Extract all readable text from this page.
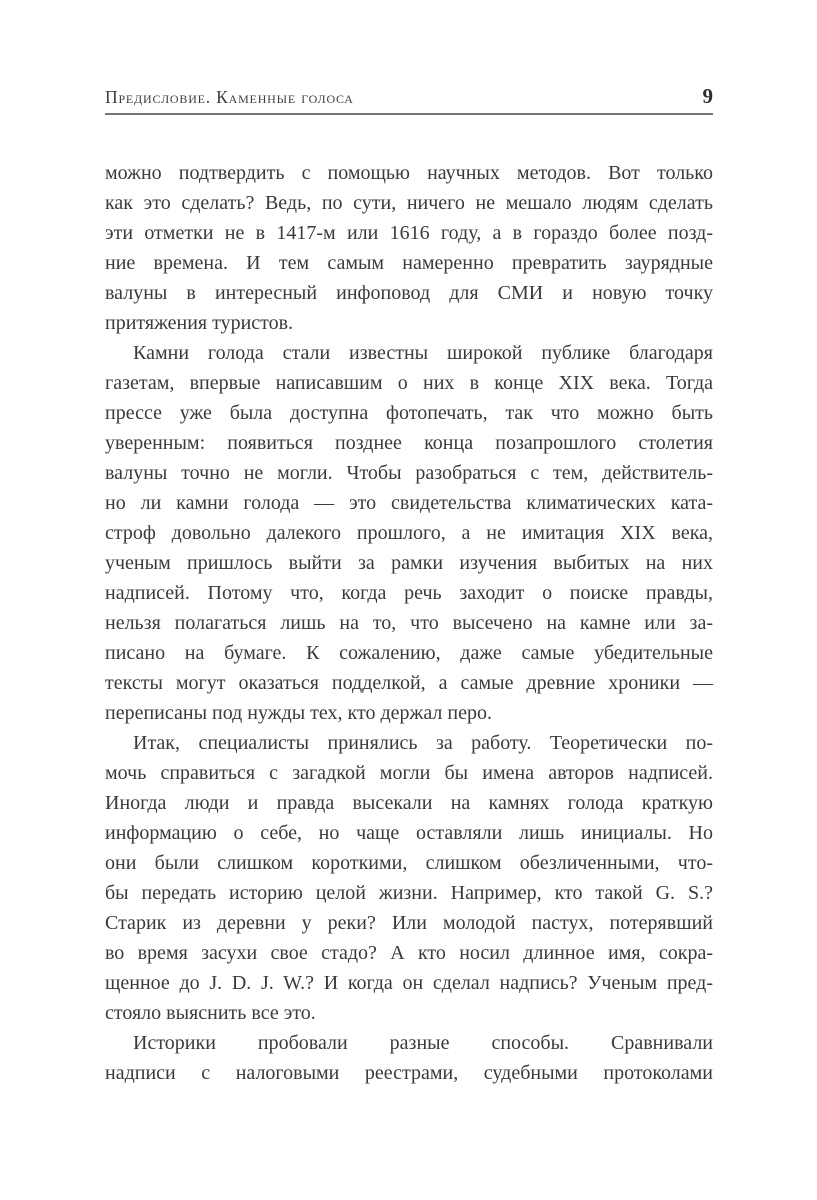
Предисловие. Каменные голоса	9
можно подтвердить с помощью научных методов. Вот только
как это сделать? Ведь, по сути, ничего не мешало людям сделать
эти отметки не в 1417-м или 1616 году, а в гораздо более позд-
ние времена. И тем самым намеренно превратить заурядные
валуны в интересный инфоповод для СМИ и новую точку
притяжения туристов.
Камни голода стали известны широкой публике благодаря
газетам, впервые написавшим о них в конце XIX века. Тогда
прессе уже была доступна фотопечать, так что можно быть
уверенным: появиться позднее конца позапрошлого столетия
валуны точно не могли. Чтобы разобраться с тем, действитель-
но ли камни голода — это свидетельства климатических ката-
строф довольно далекого прошлого, а не имитация XIX века,
ученым пришлось выйти за рамки изучения выбитых на них
надписей. Потому что, когда речь заходит о поиске правды,
нельзя полагаться лишь на то, что высечено на камне или за-
писано на бумаге. К сожалению, даже самые убедительные
тексты могут оказаться подделкой, а самые древние хроники —
переписаны под нужды тех, кто держал перо.
Итак, специалисты принялись за работу. Теоретически по-
мочь справиться с загадкой могли бы имена авторов надписей.
Иногда люди и правда высекали на камнях голода краткую
информацию о себе, но чаще оставляли лишь инициалы. Но
они были слишком короткими, слишком обезличенными, что-
бы передать историю целой жизни. Например, кто такой G. S.?
Старик из деревни у реки? Или молодой пастух, потерявший
во время засухи свое стадо? А кто носил длинное имя, сокра-
щенное до J. D. J. W.? И когда он сделал надпись? Ученым пред-
стояло выяснить все это.
Историки пробовали разные способы. Сравнивали
надписи с налоговыми реестрами, судебными протоколами
